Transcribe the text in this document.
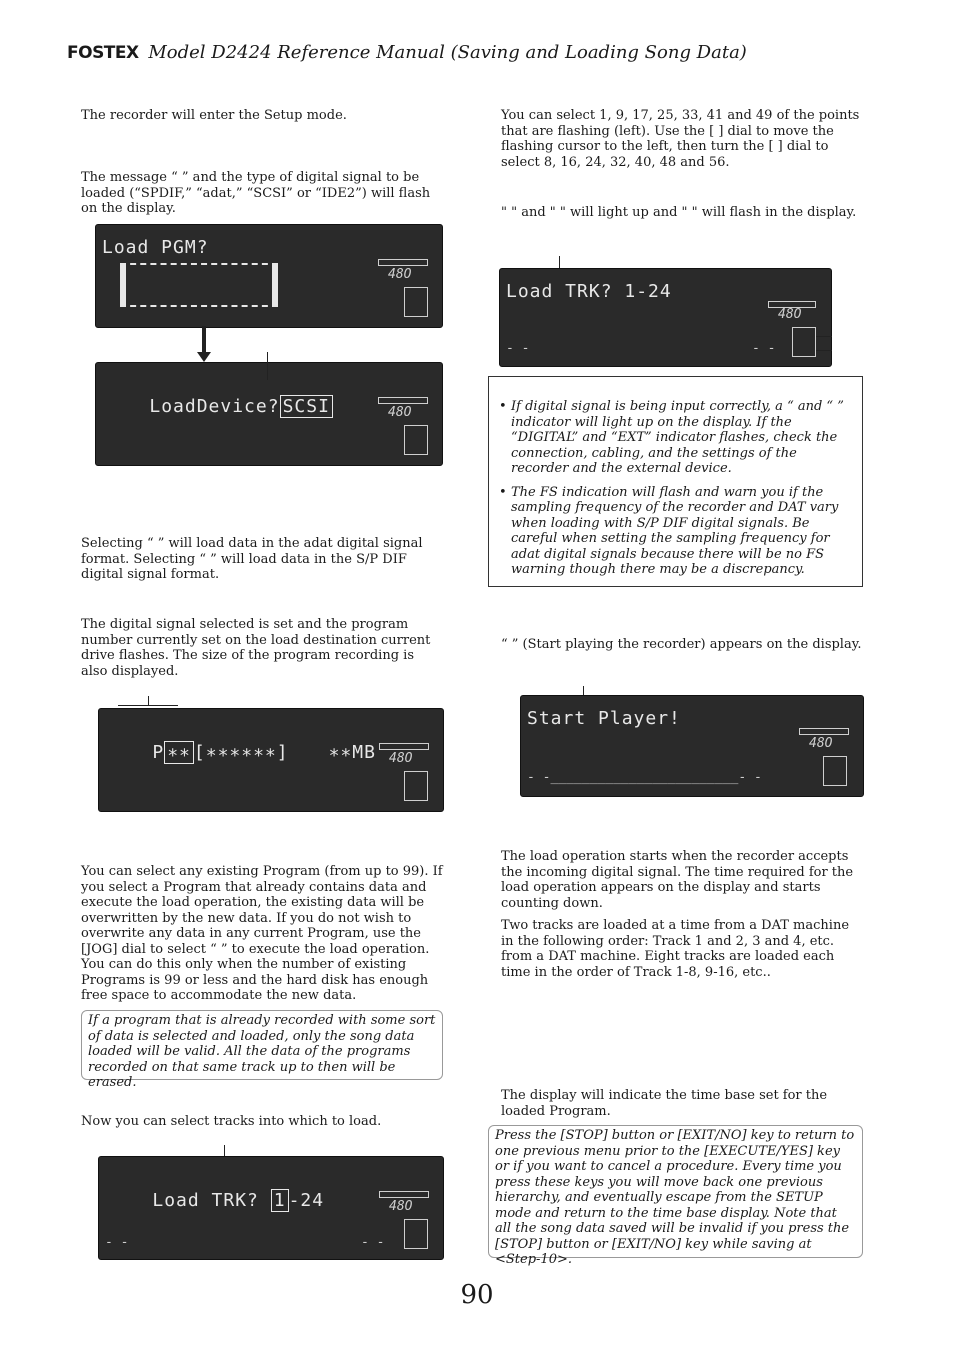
FOSTEX Model D2424 Reference Manual (Saving and Loading Song Data)

The recorder will enter the Setup mode.

The message “ ” and the type of digital signal to be loaded (“SPDIF,” “adat,” “SCSI” or “IDE2”) will flash on the display.

Load PGM?
48O

LoadDevice? SCSI
	48O

Selecting “ ” will load data in the adat digital signal format. Selecting “ ” will load data in the S/P DIF digital signal format.

The digital signal selected is set and the program number currently set on the load destination current drive flashes. The size of the program recording is also displayed.

P ∗∗ [∗∗∗∗∗∗] ∗∗MB
48O

You can select any existing Program (from up to 99). If you select a Program that already contains data and execute the load operation, the existing data will be overwritten by the new data. If you do not wish to overwrite any data in any current Program, use the [JOG] dial to select “ ” to execute the load operation. You can do this only when the number of existing Programs is 99 or less and the hard disk has enough free space to accommodate the new data.

If a program that is already recorded with some sort of data is selected and loaded, only the song data loaded will be valid. All the data of the programs recorded on that same track up to then will be erased.

Now you can select tracks into which to load.

Load TRK? 1 -24
	48O
- -	- -

You can select 1, 9, 17, 25, 33, 41 and 49 of the points that are flashing (left). Use the [ ] dial to move the flashing cursor to the left, then turn the [ ] dial to select 8, 16, 24, 32, 40, 48 and 56.

" " and " " will light up and " " will flash in the display.

Load TRK? 1-24
48O
- -	- -
• If digital signal is being input correctly, a “ and “ ” indicator will light up on the display. If the “DIGITAL” and “EXT” indicator flashes, check the connection, cabling, and the settings of the recorder and the external device.
• The FS indication will flash and warn you if the sampling frequency of the recorder and DAT vary when loading with S/P DIF digital signals. Be careful when setting the sampling frequency for adat digital signals because there will be no FS warning though there may be a discrepancy.

“ ” (Start playing the recorder) appears on the display.

Start Player!
48O
- -________________________- -

The load operation starts when the recorder accepts the incoming digital signal. The time required for the load operation appears on the display and starts counting down.

Two tracks are loaded at a time from a DAT machine in the following order: Track 1 and 2, 3 and 4, etc. from a DAT machine. Eight tracks are loaded each time in the order of Track 1-8, 9-16, etc..

The display will indicate the time base set for the loaded Program.

Press the [STOP] button or [EXIT/NO] key to return to one previous menu prior to the [EXECUTE/YES] key or if you want to cancel a procedure. Every time you press these keys you will move back one previous hierarchy, and eventually escape from the SETUP mode and return to the time base display. Note that all the song data saved will be invalid if you press the [STOP] button or [EXIT/NO] key while saving at <Step-10>.
90
